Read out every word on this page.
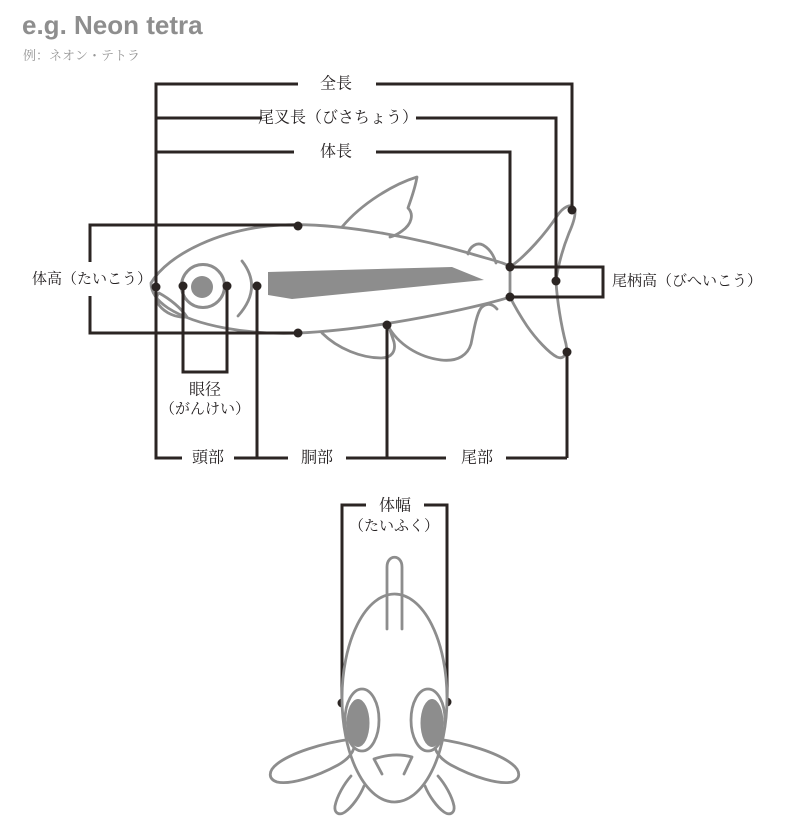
e.g. Neon tetra
例：ネオン・テトラ
全長
尾叉長（びさちょう）
体長
体高（たいこう）
眼径
（がんけい）
尾柄高（びへいこう）
頭部	胴部	尾部
体幅
（たいふく）
